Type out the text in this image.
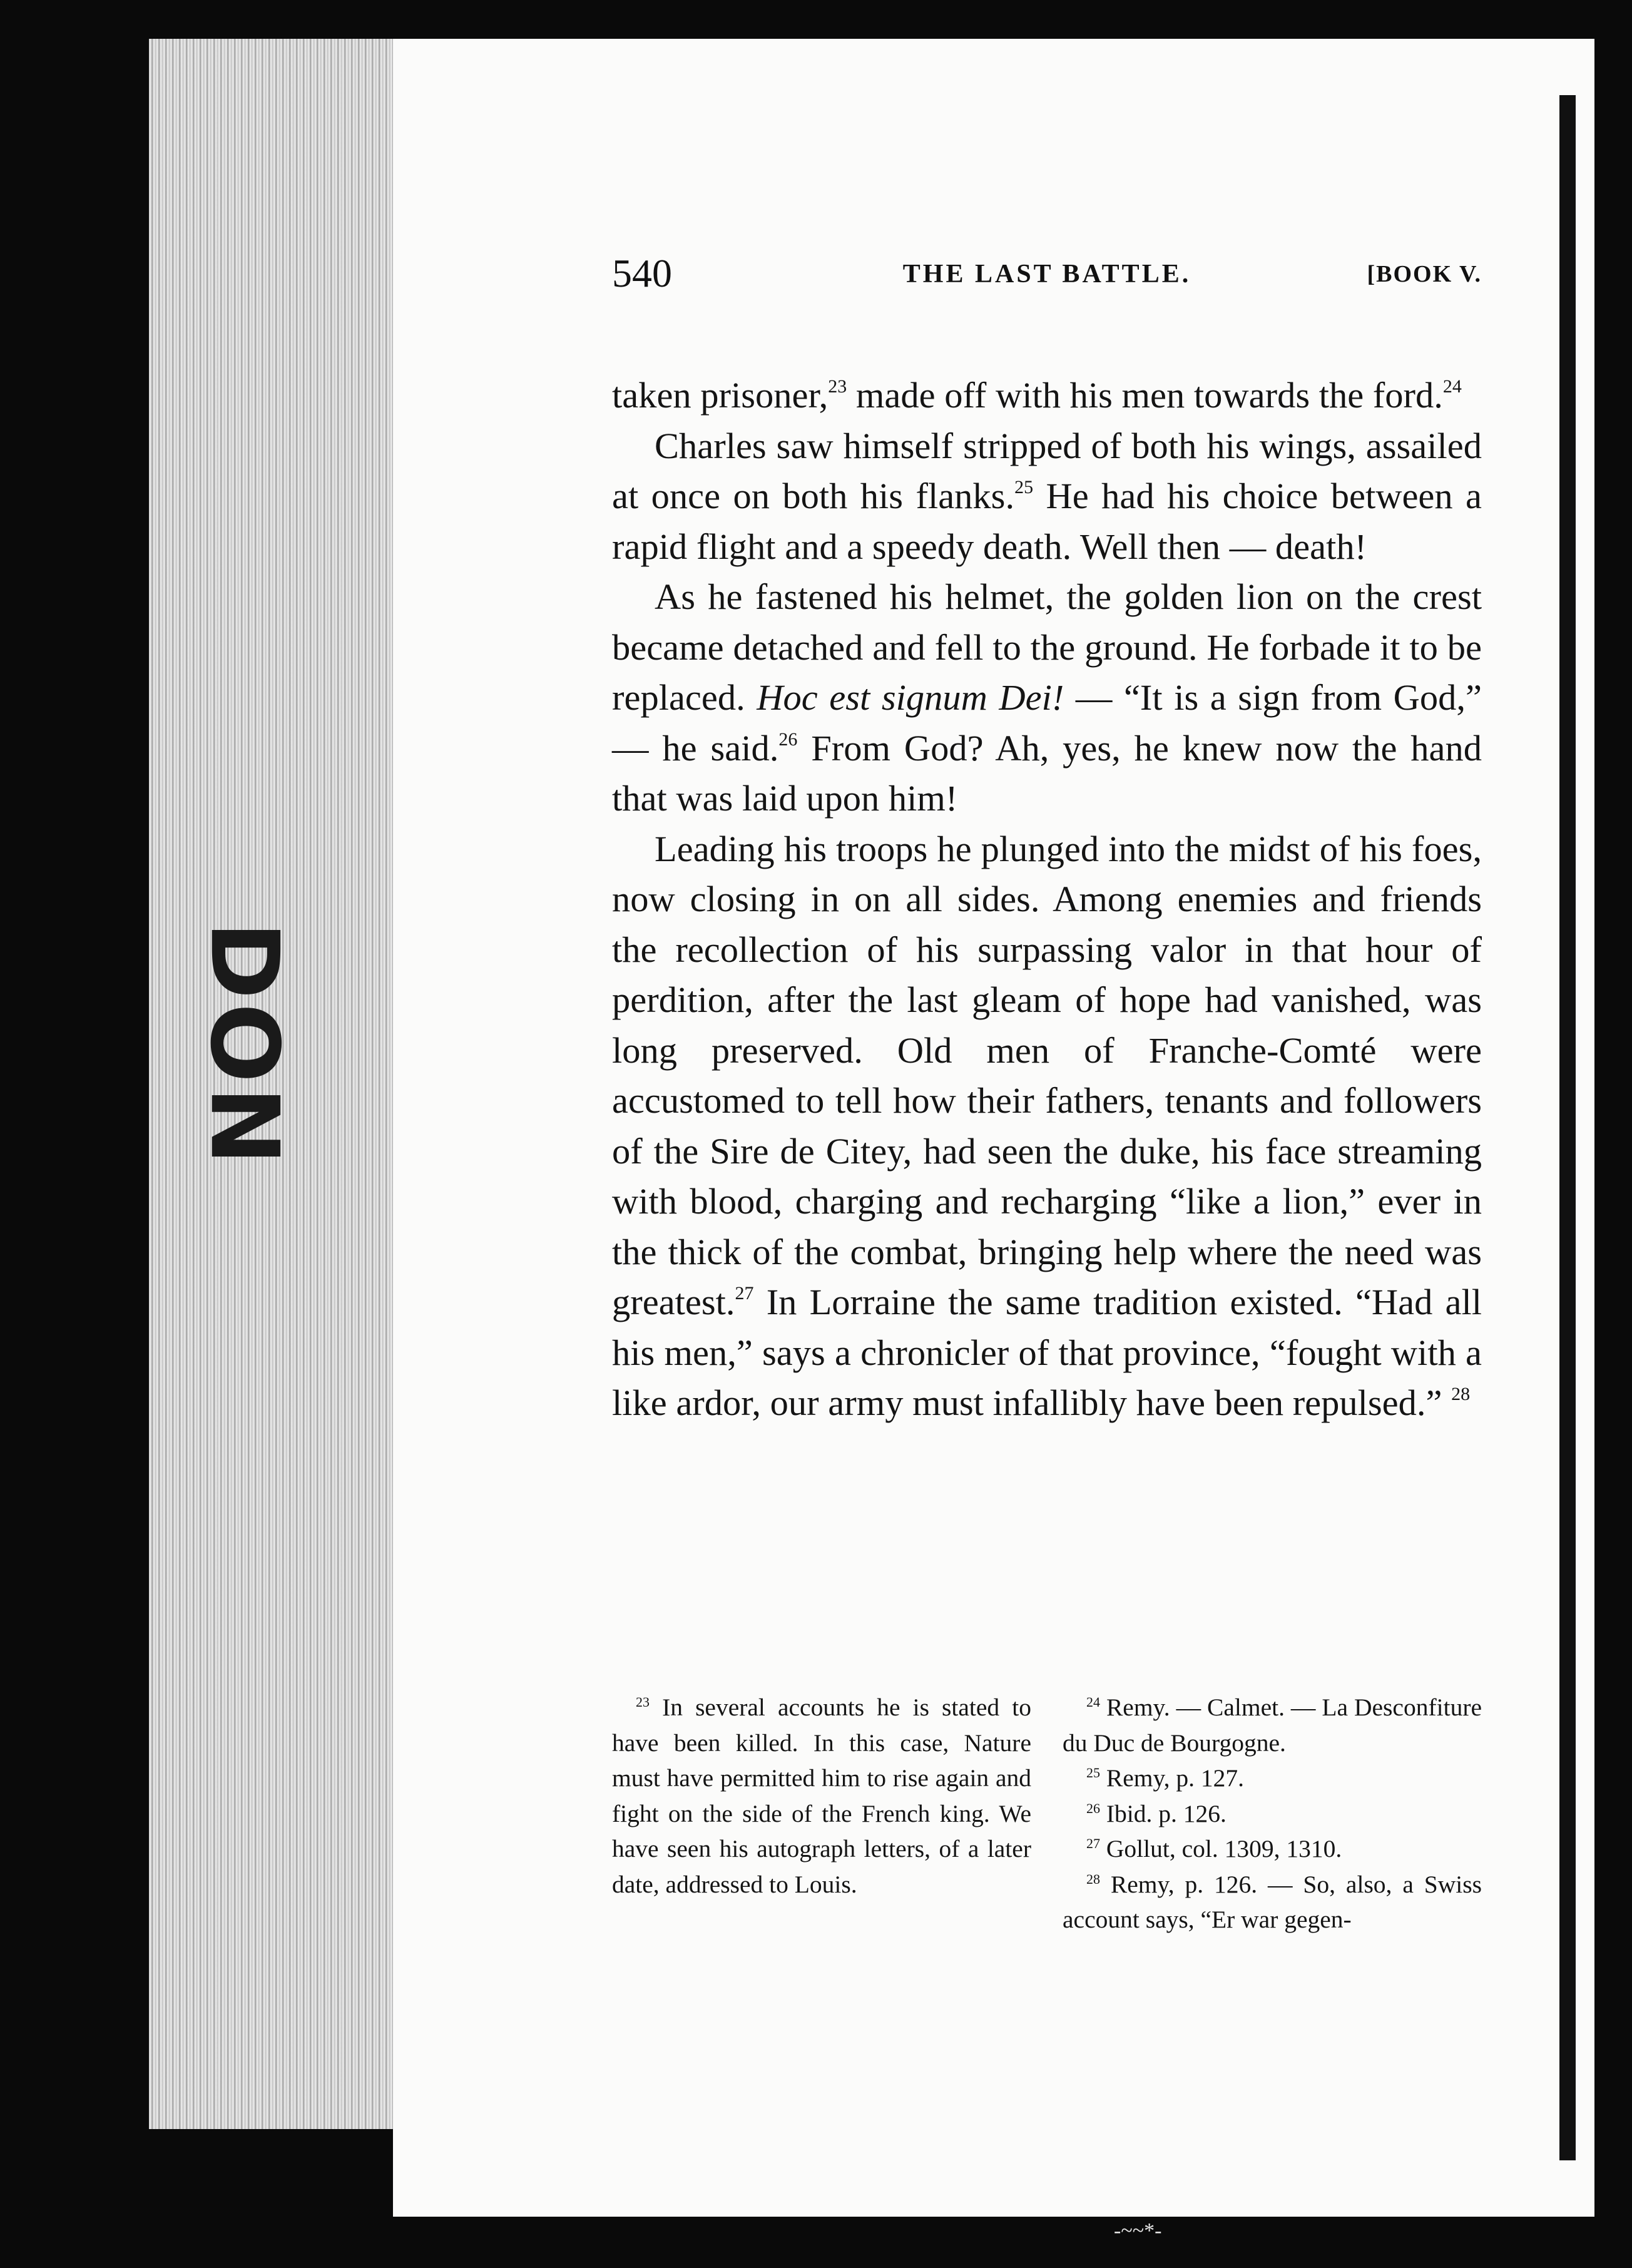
DON
540	THE LAST BATTLE.	[BOOK V.

taken prisoner,$^{23}$ made off with his men towards the ford.$^{24}$

Charles saw himself stripped of both his wings, assailed at once on both his flanks.$^{25}$ He had his choice between a rapid flight and a speedy death. Well then — death!

As he fastened his helmet, the golden lion on the crest became detached and fell to the ground. He forbade it to be replaced. Hoc est signum Dei! — “It is a sign from God,” — he said.$^{26}$ From God? Ah, yes, he knew now the hand that was laid upon him!

Leading his troops he plunged into the midst of his foes, now closing in on all sides. Among enemies and friends the recollection of his surpassing valor in that hour of perdition, after the last gleam of hope had vanished, was long preserved. Old men of Franche-Comté were accustomed to tell how their fathers, tenants and followers of the Sire de Citey, had seen the duke, his face streaming with blood, charging and recharging “like a lion,” ever in the thick of the combat, bringing help where the need was greatest.$^{27}$ In Lorraine the same tradition existed. “Had all his men,” says a chronicler of that province, “fought with a like ardor, our army must infallibly have been repulsed.” $^{28}$

$^{23}$ In several accounts he is stated to have been killed. In this case, Nature must have permitted him to rise again and fight on the side of the French king. We have seen his autograph letters, of a later date, addressed to Louis.

$^{24}$ Remy. — Calmet. — La Desconfiture du Duc de Bourgogne.

$^{25}$ Remy, p. 127.

$^{26}$ Ibid. p. 126.

$^{27}$ Gollut, col. 1309, 1310.

$^{28}$ Remy, p. 126. — So, also, a Swiss account says, “Er war gegen-

-~~*-
